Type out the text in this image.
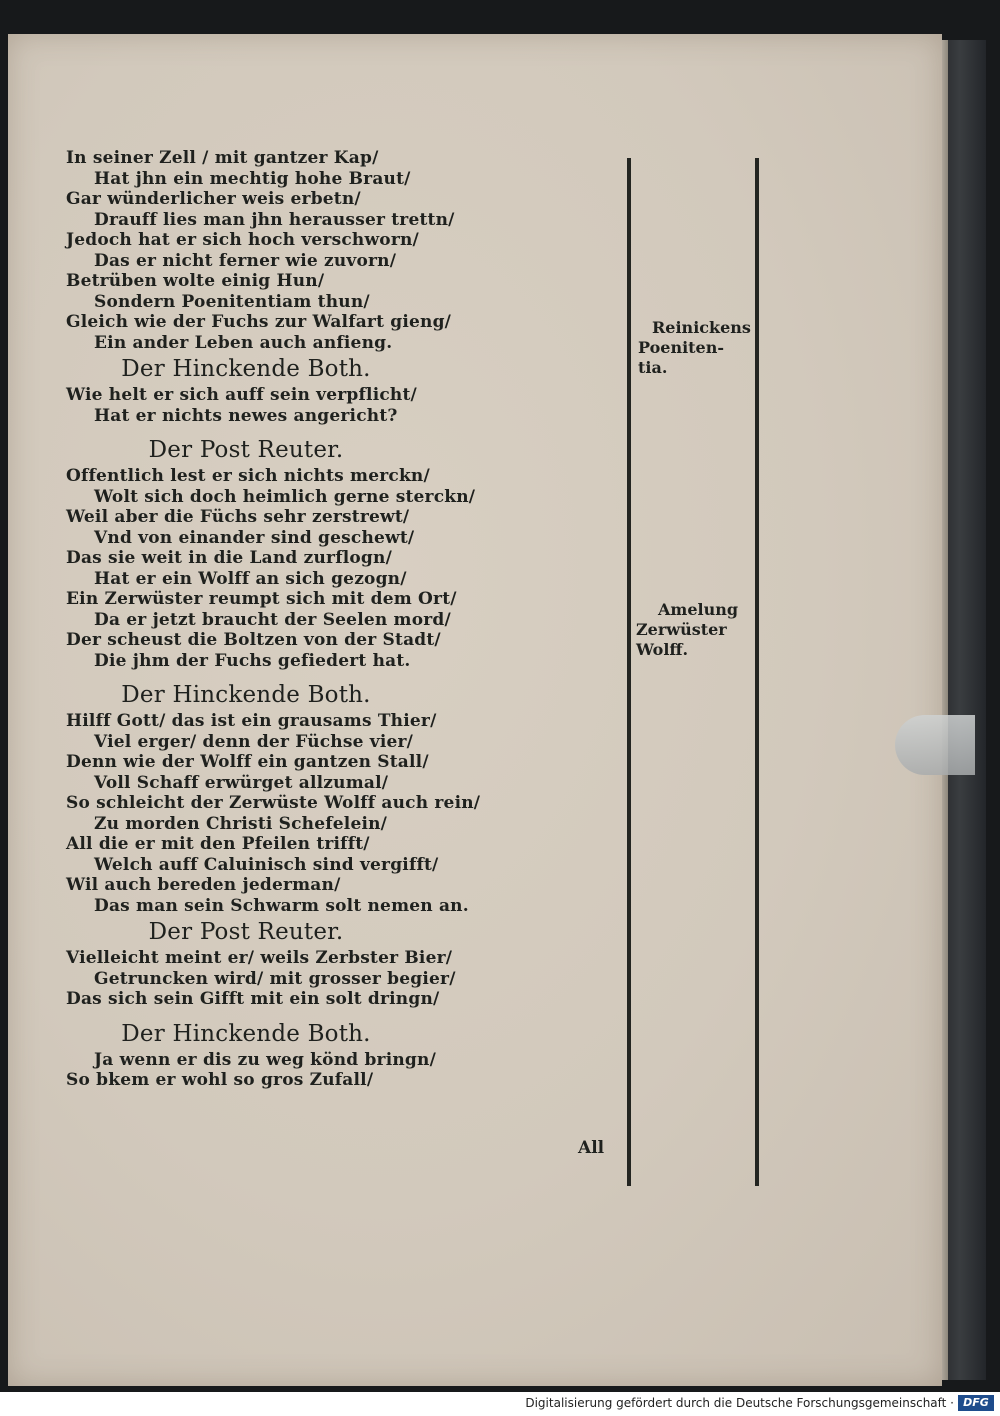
In seiner Zell / mit gantzer Kap/
Hat jhn ein mechtig hohe Braut/
Gar wünderlicher weis erbetn/
Drauff lies man jhn herausser trettn/
Jedoch hat er sich hoch verschworn/
Das er nicht ferner wie zuvorn/
Betrüben wolte einig Hun/
Sondern Poenitentiam thun/
Gleich wie der Fuchs zur Walfart gieng/
Ein ander Leben auch anfieng.
Der Hinckende Both.
Wie helt er sich auff sein verpflicht/
Hat er nichts newes angericht?
Der Post Reuter.
Offentlich lest er sich nichts merckn/
Wolt sich doch heimlich gerne sterckn/
Weil aber die Füchs sehr zerstrewt/
Vnd von einander sind geschewt/
Das sie weit in die Land zurflogn/
Hat er ein Wolff an sich gezogn/
Ein Zerwüster reumpt sich mit dem Ort/
Da er jetzt braucht der Seelen mord/
Der scheust die Boltzen von der Stadt/
Die jhm der Fuchs gefiedert hat.
Der Hinckende Both.
Hilff Gott/ das ist ein grausams Thier/
Viel erger/ denn der Füchse vier/
Denn wie der Wolff ein gantzen Stall/
Voll Schaff erwürget allzumal/
So schleicht der Zerwüste Wolff auch rein/
Zu morden Christi Schefelein/
All die er mit den Pfeilen trifft/
Welch auff Caluinisch sind vergifft/
Wil auch bereden jederman/
Das man sein Schwarm solt nemen an.
Der Post Reuter.
Vielleicht meint er/ weils Zerbster Bier/
Getruncken wird/ mit grosser begier/
Das sich sein Gifft mit ein solt dringn/
Der Hinckende Both.
Ja wenn er dis zu weg könd bringn/
So bkem er wohl so gros Zufall/
Reinickens
Poeniten-
tia.
Amelung
Zerwüster
Wolff.
All
Digitalisierung gefördert durch die Deutsche Forschungsgemeinschaft · DFG
